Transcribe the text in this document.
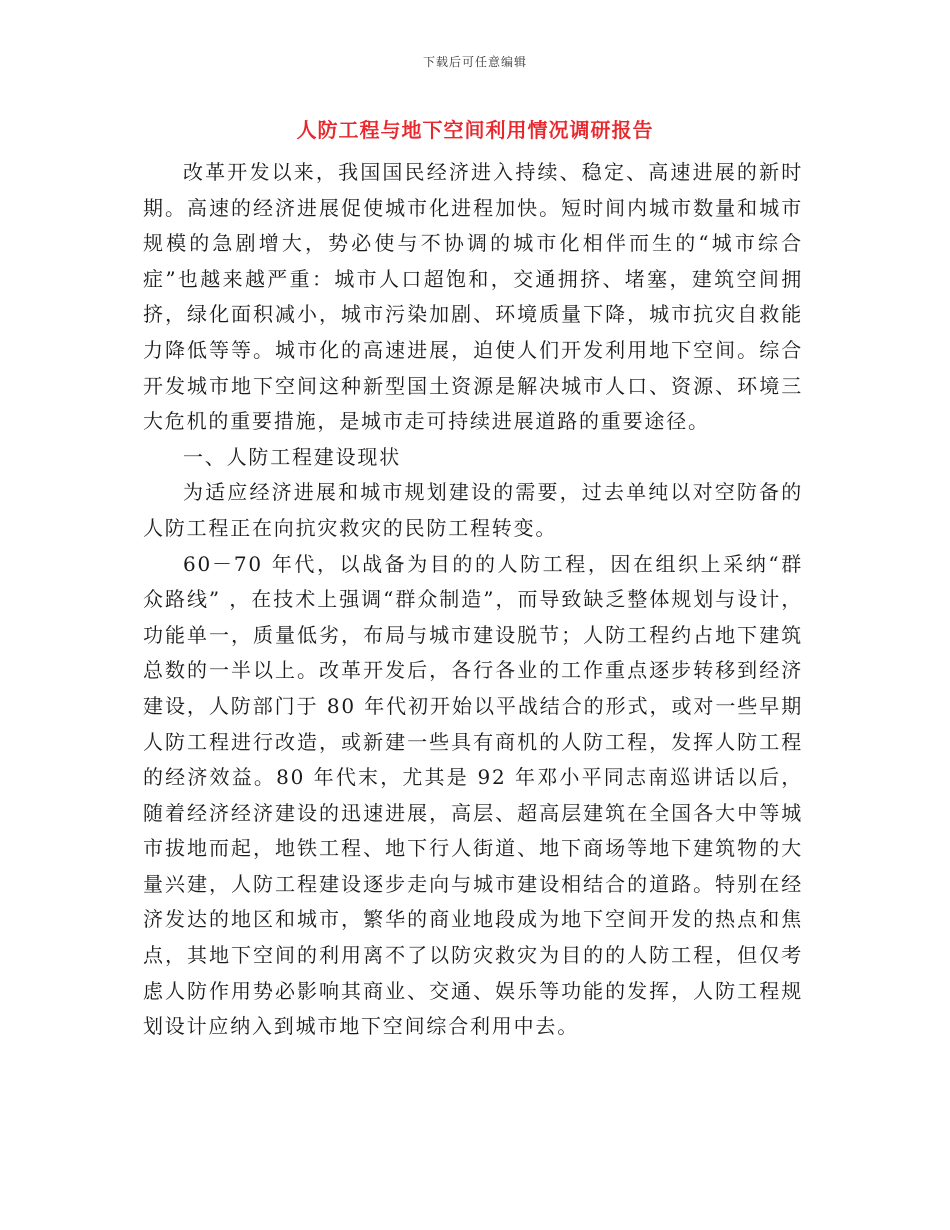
下载后可任意编辑
人防工程与地下空间利用情况调研报告

改革开发以来，我国国民经济进入持续、稳定、高速进展的新时期。高速的经济进展促使城市化进程加快。短时间内城市数量和城市规模的急剧增大，势必使与不协调的城市化相伴而生的“城市综合症”也越来越严重：城市人口超饱和，交通拥挤、堵塞，建筑空间拥挤，绿化面积减小，城市污染加剧、环境质量下降，城市抗灾自救能力降低等等。城市化的高速进展，迫使人们开发利用地下空间。综合开发城市地下空间这种新型国土资源是解决城市人口、资源、环境三大危机的重要措施，是城市走可持续进展道路的重要途径。

一、人防工程建设现状

为适应经济进展和城市规划建设的需要，过去单纯以对空防备的人防工程正在向抗灾救灾的民防工程转变。

60－70 年代，以战备为目的的人防工程，因在组织上采纳“群众路线” ，在技术上强调“群众制造”，而导致缺乏整体规划与设计，功能单一，质量低劣，布局与城市建设脱节；人防工程约占地下建筑总数的一半以上。改革开发后，各行各业的工作重点逐步转移到经济建设，人防部门于 80 年代初开始以平战结合的形式，或对一些早期人防工程进行改造，或新建一些具有商机的人防工程，发挥人防工程的经济效益。80 年代末，尤其是 92 年邓小平同志南巡讲话以后，随着经济经济建设的迅速进展，高层、超高层建筑在全国各大中等城市拔地而起，地铁工程、地下行人街道、地下商场等地下建筑物的大量兴建，人防工程建设逐步走向与城市建设相结合的道路。特别在经济发达的地区和城市，繁华的商业地段成为地下空间开发的热点和焦点，其地下空间的利用离不了以防灾救灾为目的的人防工程，但仅考虑人防作用势必影响其商业、交通、娱乐等功能的发挥，人防工程规划设计应纳入到城市地下空间综合利用中去。
